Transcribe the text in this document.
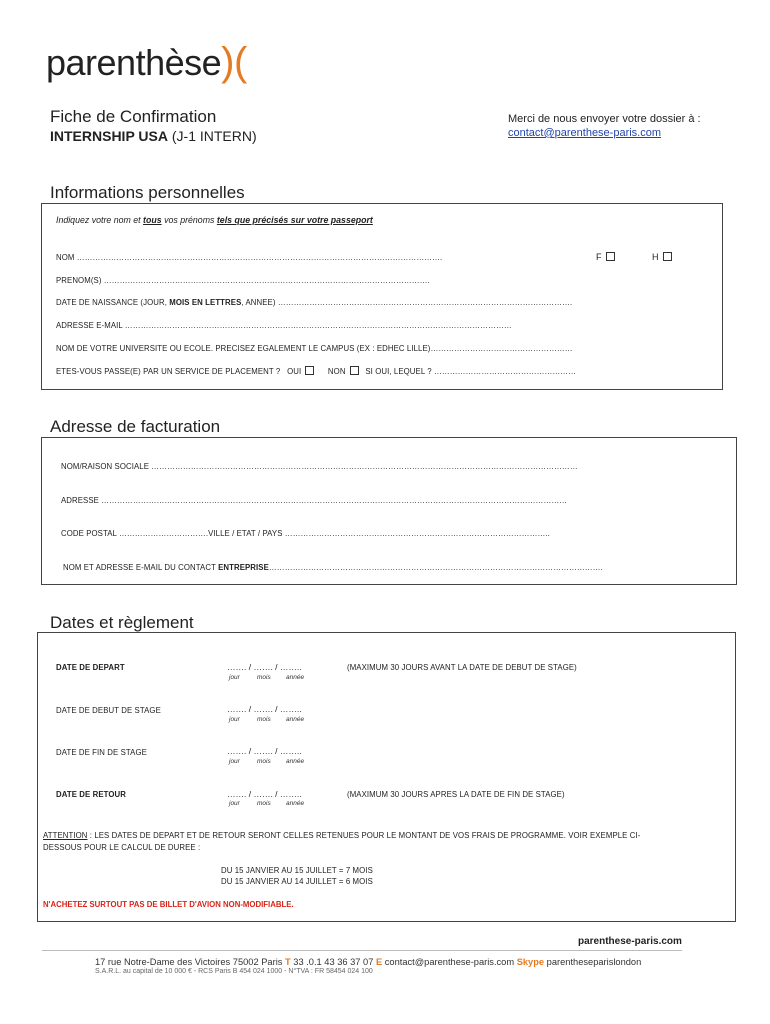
parenthèse)(
Fiche de Confirmation
INTERNSHIP USA (J-1 INTERN)
Merci de nous envoyer votre dossier à :
contact@parenthese-paris.com
Informations personnelles
Indiquez votre nom et tous vos prénoms tels que précisés sur votre passeport
NOM ………………………………………………………………………………………………………………………….	F	H
PRENOM(S) …………………………………………………………………………………………………………….
DATE DE NAISSANCE (JOUR, MOIS EN LETTRES, ANNEE) ………………………………………………………………………………………………….
ADRESSE E-MAIL …………………………………………………………………………………………………………………………………
NOM DE VOTRE UNIVERSITE OU ECOLE. PRECISEZ EGALEMENT LE CAMPUS (EX : EDHEC LILLE)………………………………………………
ETES-VOUS PASSE(E) PAR UN SERVICE DE PLACEMENT ? OUI	NON	SI OUI, LEQUEL ? ………………………………………………
Adresse de facturation
NOM/RAISON SOCIALE ………………………………………………………………………………………………………………………………………………
ADRESSE ……………………………………………………………………………………………………………………………………………………………
CODE POSTAL …………………………….VILLE / ETAT / PAYS ………………………………………………………………………………………..
NOM ET ADRESSE E-MAIL DU CONTACT ENTREPRISE……………………………………………………………………………………………………………….
Dates et règlement
DATE DE DEPART	……. / ……. / ……..
jour	mois année
(MAXIMUM 30 JOURS AVANT LA DATE DE DEBUT DE STAGE)
DATE DE DEBUT DE STAGE	……. / ……. / ……..
jour	mois année
DATE DE FIN DE STAGE	……. / ……. / ……..
jour	mois année
DATE DE RETOUR	……. / ……. / ……..
jour	mois année
(MAXIMUM 30 JOURS APRES LA DATE DE FIN DE STAGE)
ATTENTION : LES DATES DE DEPART ET DE RETOUR SERONT CELLES RETENUES POUR LE MONTANT DE VOS FRAIS DE PROGRAMME. VOIR EXEMPLE CI-
DESSOUS POUR LE CALCUL DE DUREE :
DU 15 JANVIER AU 15 JUILLET = 7 MOIS
DU 15 JANVIER AU 14 JUILLET = 6 MOIS
N'ACHETEZ SURTOUT PAS DE BILLET D'AVION NON-MODIFIABLE.
parenthese-paris.com
17 rue Notre-Dame des Victoires 75002 Paris T 33 .0.1 43 36 37 07 E contact@parenthese-paris.com Skype parentheseparislondon
S.A.R.L. au capital de 10 000 € - RCS Paris B 454 024 1000 - N°TVA : FR 58454 024 100
